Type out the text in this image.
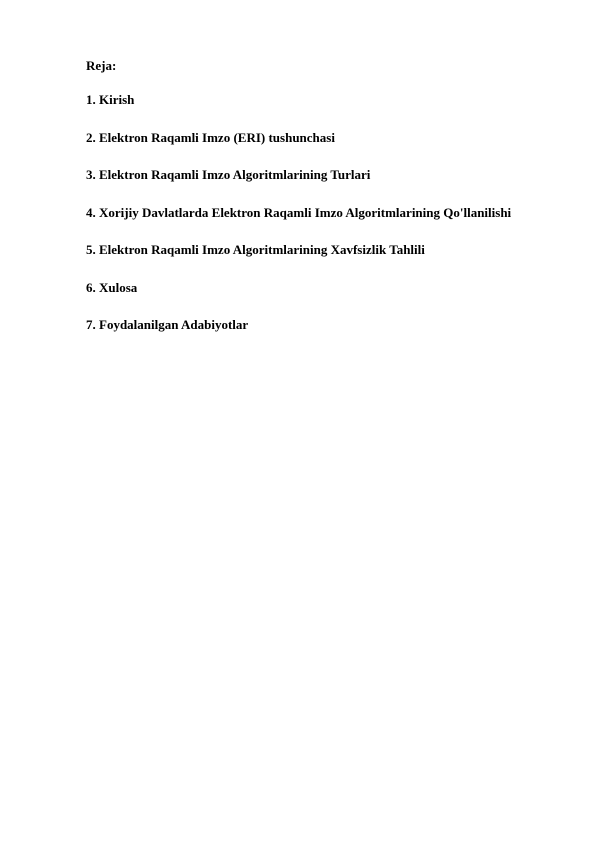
Reja:

1. Kirish
2. Elektron Raqamli Imzo (ERI) tushunchasi
3. Elektron Raqamli Imzo Algoritmlarining Turlari
4. Xorijiy Davlatlarda Elektron Raqamli Imzo Algoritmlarining Qo'llanilishi
5. Elektron Raqamli Imzo Algoritmlarining Xavfsizlik Tahlili
6. Xulosa
7. Foydalanilgan Adabiyotlar
